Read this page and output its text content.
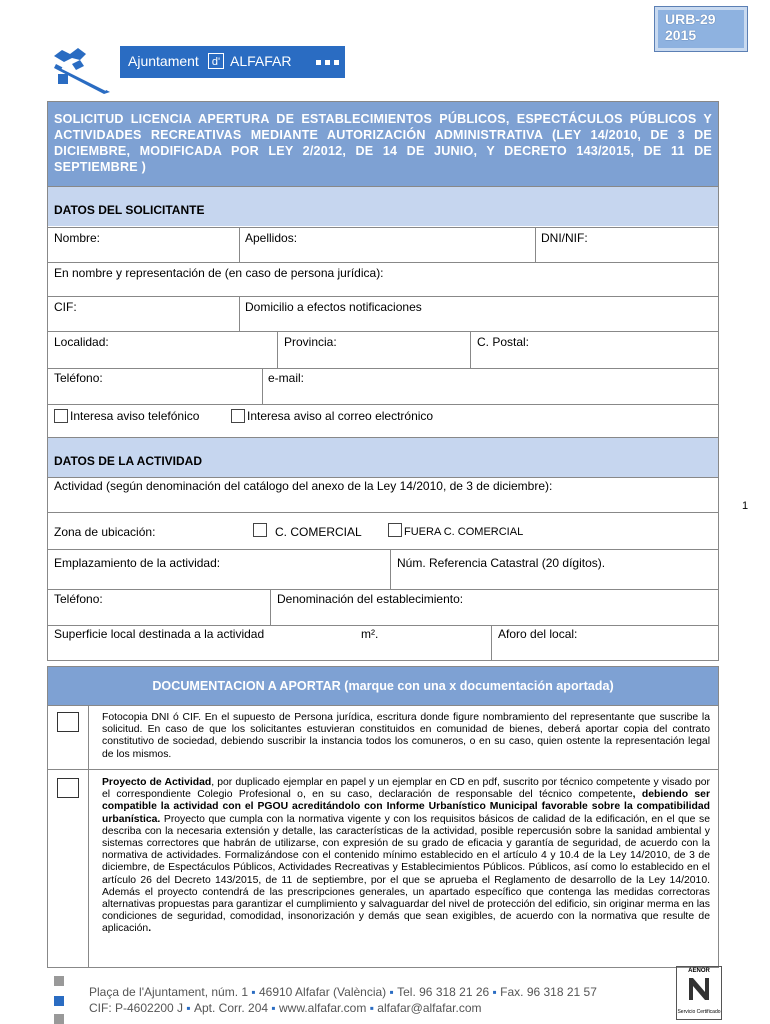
URB-29
2015
Ajuntament	d' ALFAFAR
SOLICITUD LICENCIA APERTURA DE ESTABLECIMIENTOS PÚBLICOS, ESPECTÁCULOS PÚBLICOS Y ACTIVIDADES RECREATIVAS MEDIANTE AUTORIZACIÓN ADMINISTRATIVA (LEY 14/2010, DE 3 DE DICIEMBRE, MODIFICADA POR LEY 2/2012, DE 14 DE JUNIO, Y DECRETO 143/2015, DE 11 DE SEPTIEMBRE )
DATOS DEL SOLICITANTE
Nombre:	Apellidos:	DNI/NIF:
En nombre y representación de (en caso de persona jurídica):
CIF:	Domicilio a efectos notificaciones
Localidad:	Provincia:	C. Postal:
Teléfono:	e-mail:
Interesa aviso telefónico	Interesa aviso al correo electrónico
DATOS DE LA ACTIVIDAD
Actividad (según denominación del catálogo del anexo de la Ley 14/2010, de 3 de diciembre):
Zona de ubicación:	C. COMERCIAL	FUERA C. COMERCIAL
Emplazamiento de la actividad:	Núm. Referencia Catastral (20 dígitos).
Teléfono:	Denominación del establecimiento:
Superficie local destinada a la actividad	m².	Aforo del local:
1
DOCUMENTACION A APORTAR (marque con una x documentación aportada)
Fotocopia DNI ó CIF. En el supuesto de Persona jurídica, escritura donde figure nombramiento del representante que suscribe la solicitud. En caso de que los solicitantes estuvieran constituidos en comunidad de bienes, deberá aportar copia del contrato constitutivo de sociedad, debiendo suscribir la instancia todos los comuneros, o en su caso, quien ostente la representación legal de los mismos.
Proyecto de Actividad, por duplicado ejemplar en papel y un ejemplar en CD en pdf, suscrito por técnico competente y visado por el correspondiente Colegio Profesional o, en su caso, declaración de responsable del técnico competente, debiendo ser compatible la actividad con el PGOU acreditándolo con Informe Urbanístico Municipal favorable sobre la compatibilidad urbanística. Proyecto que cumpla con la normativa vigente y con los requisitos básicos de calidad de la edificación, en el que se describa con la necesaria extensión y detalle, las características de la actividad, posible repercusión sobre la sanidad ambiental y sistemas correctores que habrán de utilizarse, con expresión de su grado de eficacia y garantía de seguridad, de acuerdo con la normativa de actividades. Formalizándose con el contenido mínimo establecido en el artículo 4 y 10.4 de la Ley 14/2010, de 3 de diciembre, de Espectáculos Públicos, Actividades Recreativas y Establecimientos Públicos. Públicos, así como lo establecido en el artículo 26 del Decreto 143/2015, de 11 de septiembre, por el que se aprueba el Reglamento de desarrollo de la Ley 14/2010. Además el proyecto contendrá de las prescripciones generales, un apartado específico que contenga las medidas correctoras alternativas propuestas para garantizar el cumplimiento y salvaguardar del nivel de protección del edificio, sin originar merma en las condiciones de seguridad, comodidad, insonorización y demás que sean exigibles, de acuerdo con la normativa que resulte de aplicación.
Plaça de l'Ajuntament, núm. 1 ▪ 46910 Alfafar (València) ▪ Tel. 96 318 21 26 ▪ Fax. 96 318 21 57
CIF: P-4602200 J ▪ Apt. Corr. 204 ▪ www.alfafar.com ▪ alfafar@alfafar.com
AENOR
Servicio Certificado
